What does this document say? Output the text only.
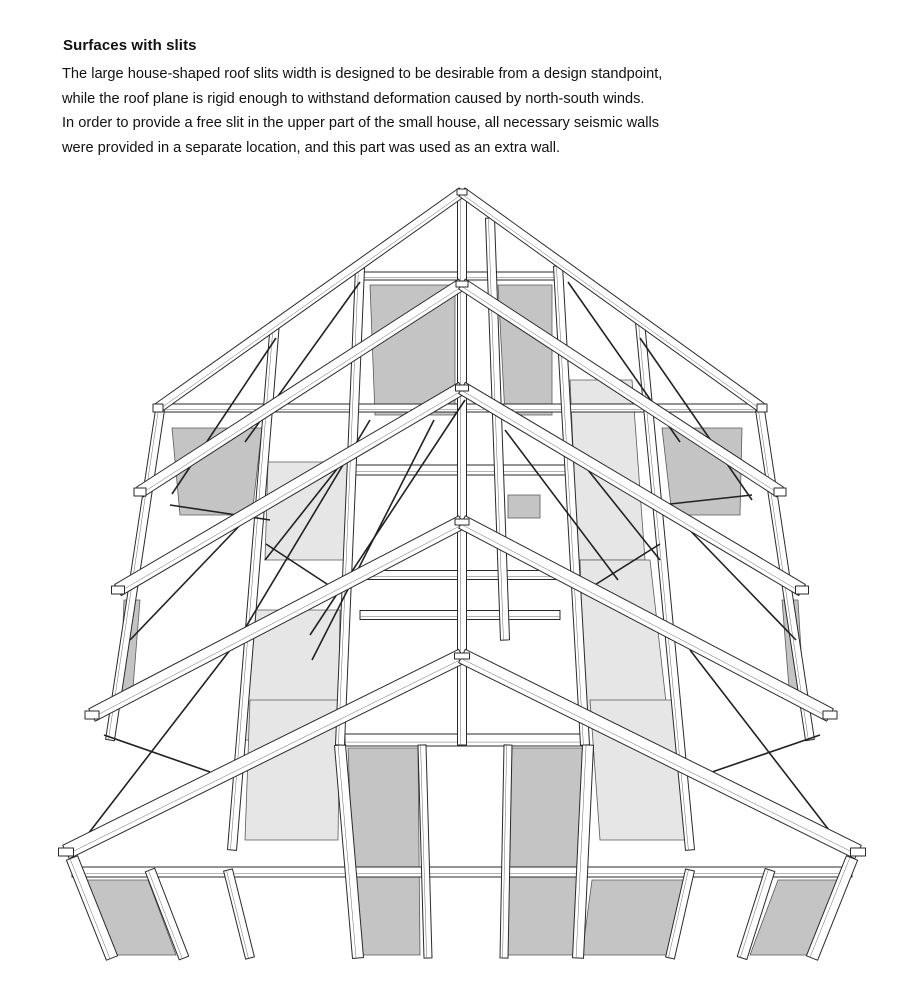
Surfaces with slits
The large house-shaped roof slits width is designed to be desirable from a design standpoint,
while the roof plane is rigid enough to withstand deformation caused by north-south winds.
In order to provide a free slit in the upper part of the small house, all necessary seismic walls
were provided in a separate location, and this part was used as an extra wall.
